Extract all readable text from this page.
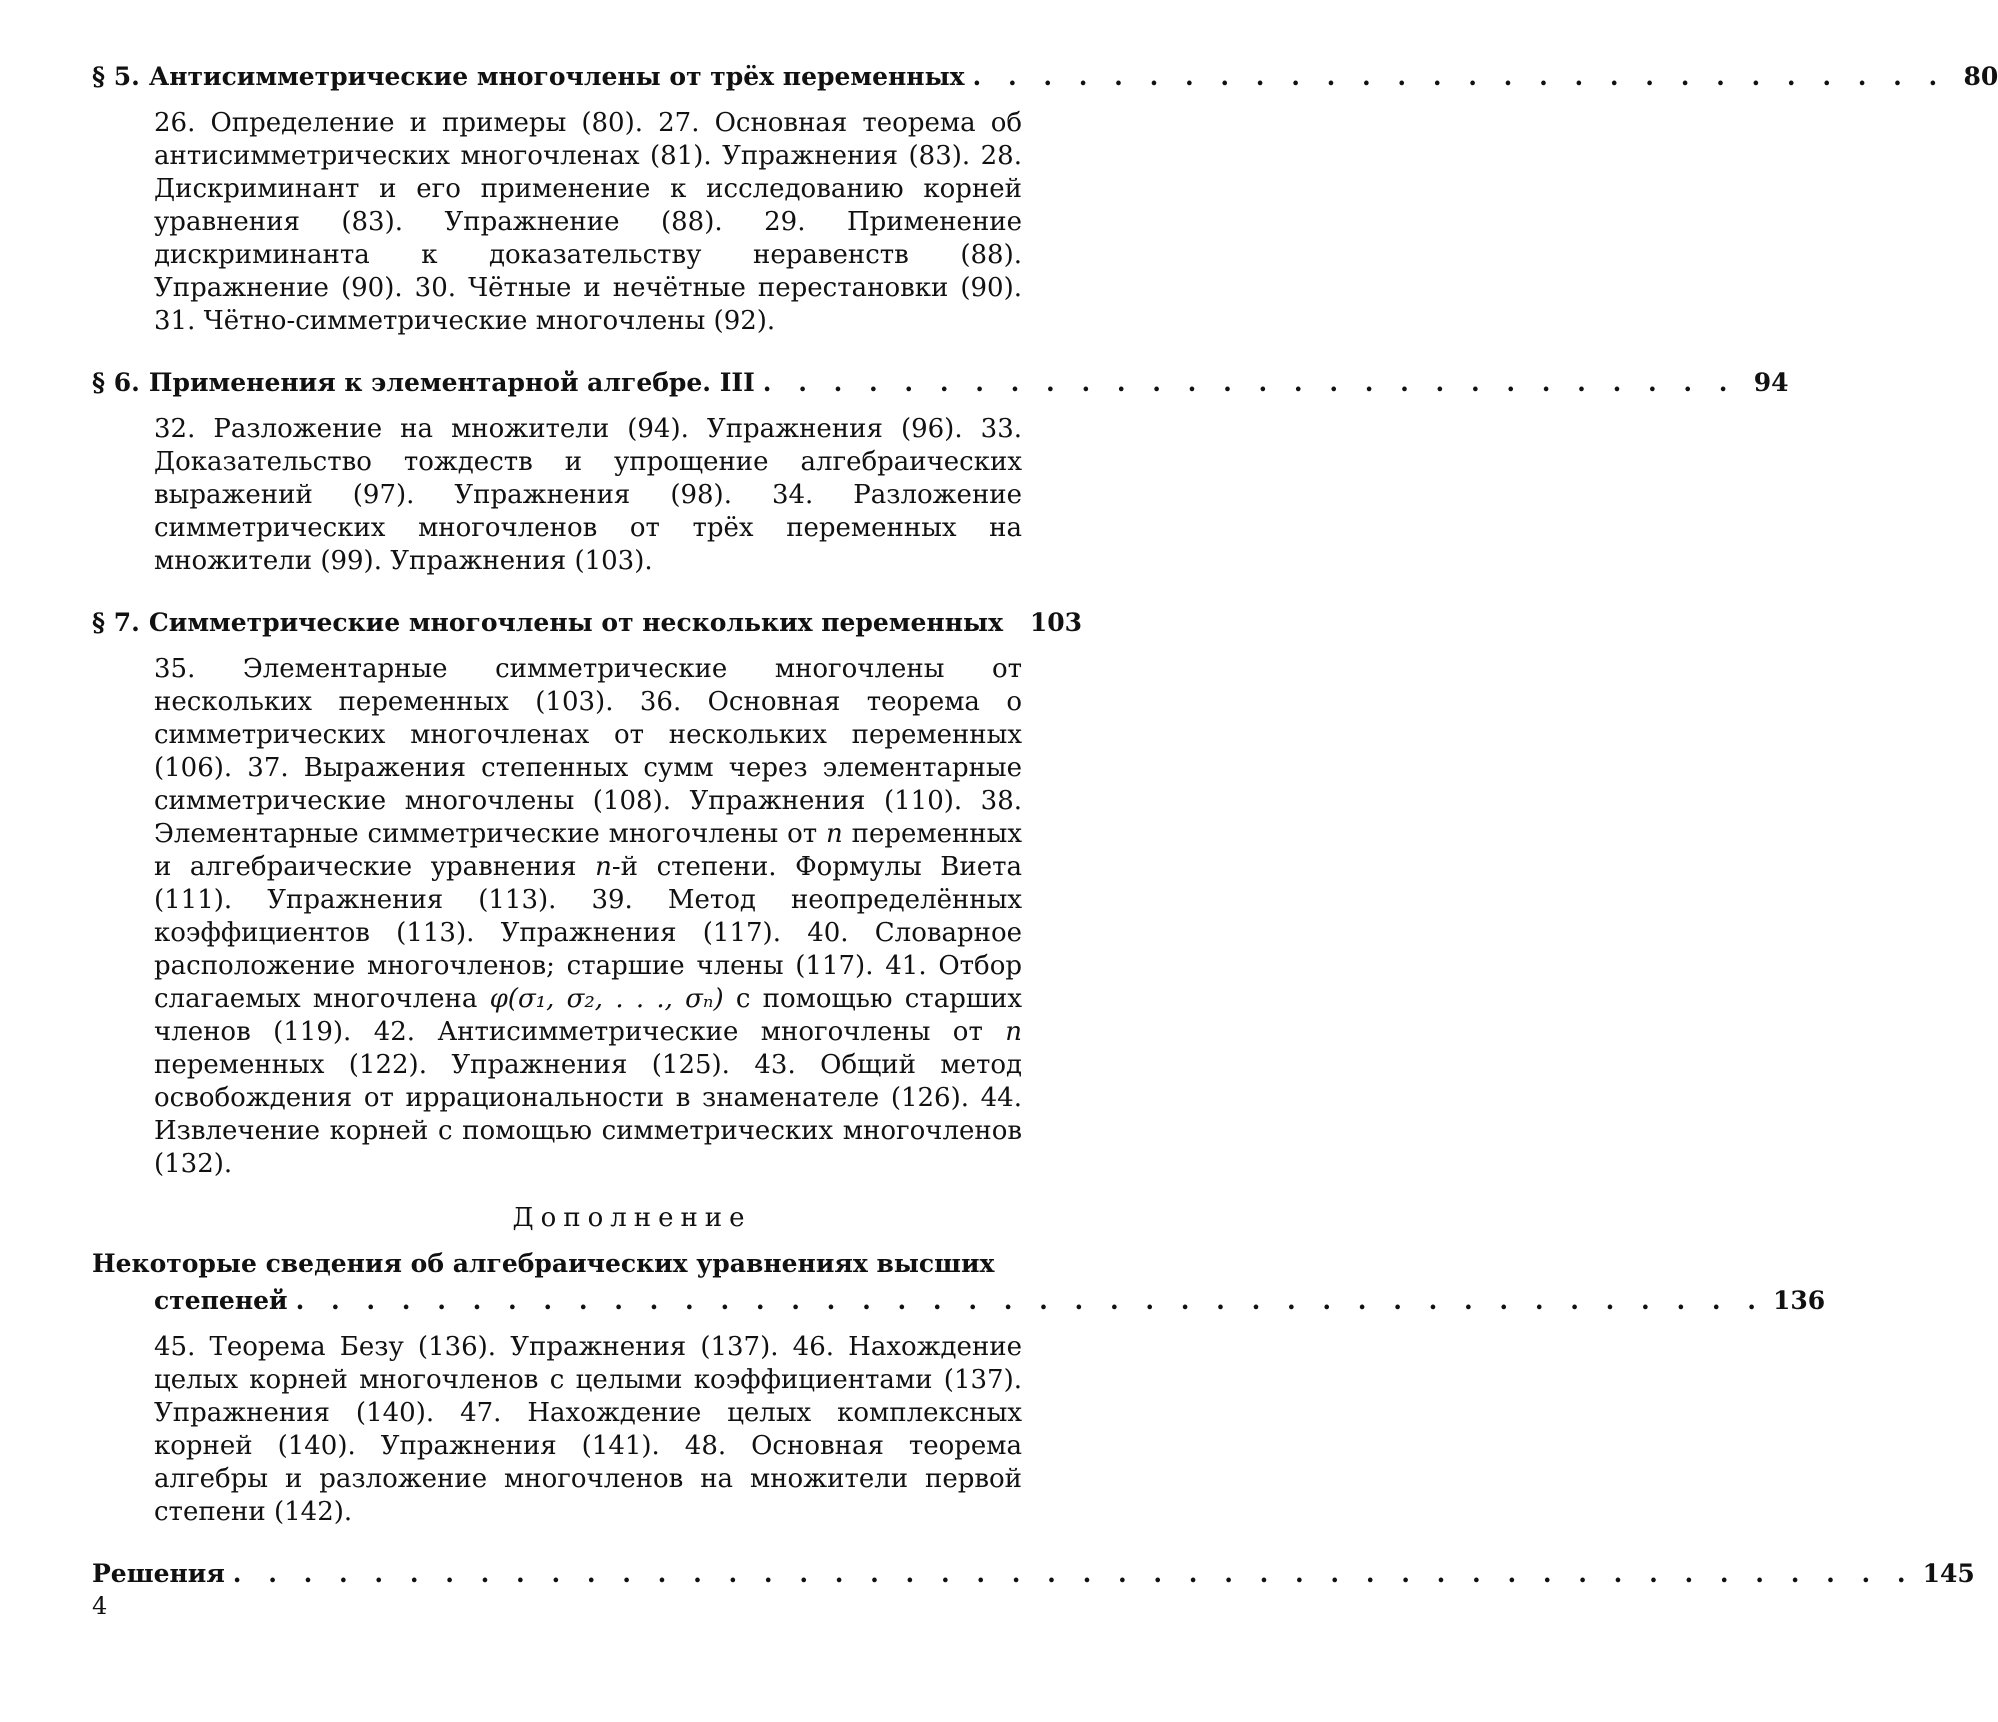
§ 5. Антисимметрические многочлены от трёх переменных . . . . . . . . . . . . . . . . . . . . . . . . . . . . 80

26. Определение и примеры (80). 27. Основная теорема об антисимметрических многочленах (81). Упражнения (83). 28. Дискриминант и его применение к исследованию корней уравнения (83). Упражнение (88). 29. Применение дискриминанта к доказательству неравенств (88). Упражнение (90). 30. Чётные и нечётные перестановки (90). 31. Чётно-симметрические многочлены (92).

§ 6. Применения к элементарной алгебре. III . . . . . . . . . . . . . . . . . . . . . . . . . . . . 94

32. Разложение на множители (94). Упражнения (96). 33. Доказательство тождеств и упрощение алгебраических выражений (97). Упражнения (98). 34. Разложение симметрических многочленов от трёх переменных на множители (99). Упражнения (103).

§ 7. Симметрические многочлены от нескольких переменных 103

35. Элементарные симметрические многочлены от нескольких переменных (103). 36. Основная теорема о симметрических многочленах от нескольких переменных (106). 37. Выражения степенных сумм через элементарные симметрические многочлены (108). Упражнения (110). 38. Элементарные симметрические многочлены от n переменных и алгебраические уравнения n-й степени. Формулы Виета (111). Упражнения (113). 39. Метод неопределённых коэффициентов (113). Упражнения (117). 40. Словарное расположение многочленов; старшие члены (117). 41. Отбор слагаемых многочлена φ(σ₁, σ₂, . . ., σₙ) с помощью старших членов (119). 42. Антисимметрические многочлены от n переменных (122). Упражнения (125). 43. Общий метод освобождения от иррациональности в знаменателе (126). 44. Извлечение корней с помощью симметрических многочленов (132).

Дополнение
Некоторые сведения об алгебраических уравнениях высших
степеней . . . . . . . . . . . . . . . . . . . . . . . . . . . . . . . . . . . . . . . . . . 136

45. Теорема Безу (136). Упражнения (137). 46. Нахождение целых корней многочленов с целыми коэффициентами (137). Упражнения (140). 47. Нахождение целых комплексных корней (140). Упражнения (141). 48. Основная теорема алгебры и разложение многочленов на множители первой степени (142).

Решения . . . . . . . . . . . . . . . . . . . . . . . . . . . . . . . . . . . . . . . . . . . . . . . . 145
4
